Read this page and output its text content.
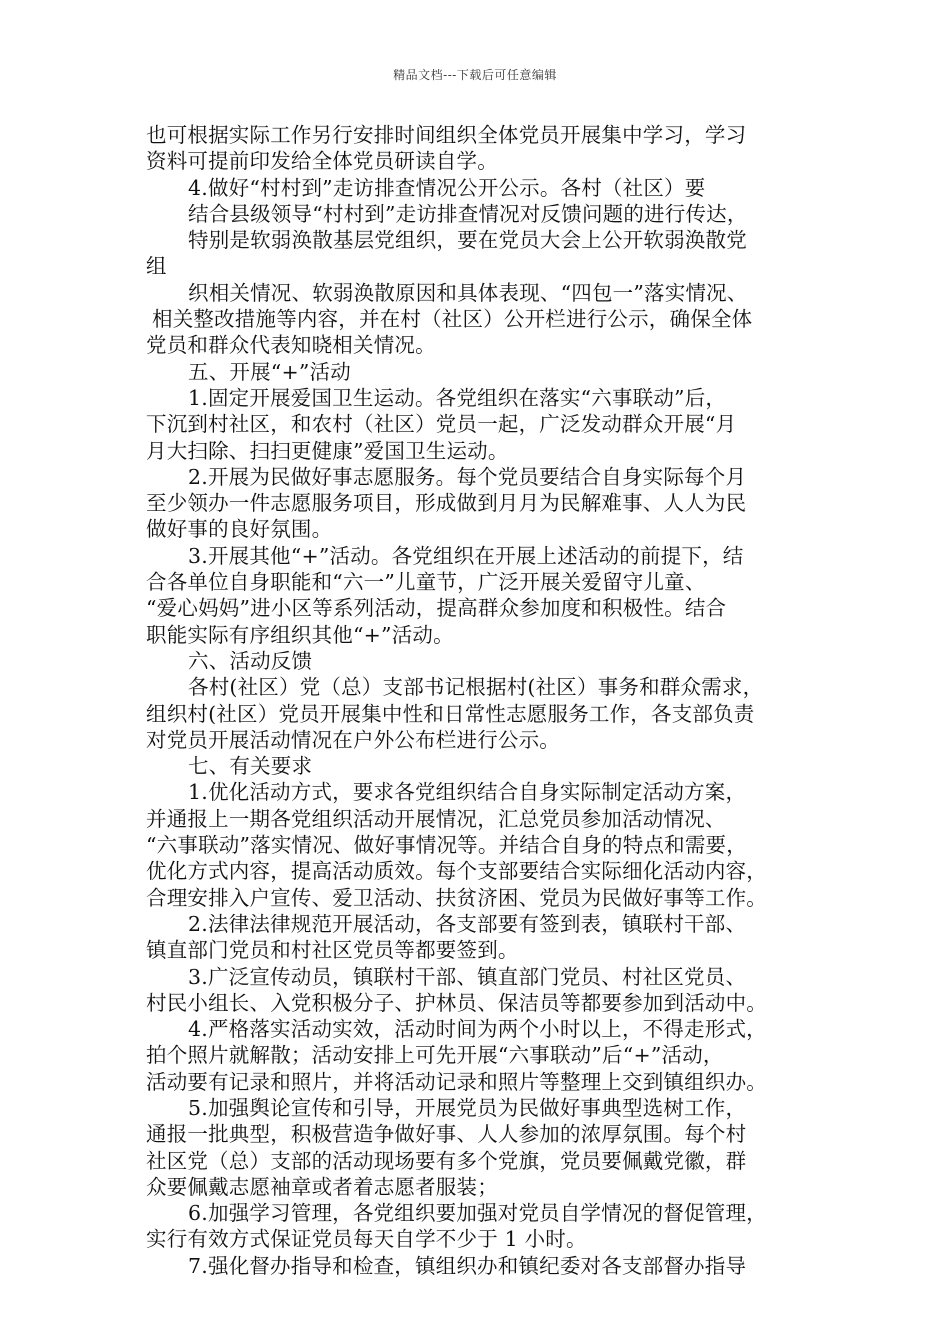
精品文档---下载后可任意编辑
也可根据实际工作另行安排时间组织全体党员开展集中学习，学习
资料可提前印发给全体党员研读自学。
4.做好“村村到”走访排查情况公开公示。各村（社区）要
结合县级领导“村村到”走访排查情况对反馈问题的进行传达，
特别是软弱涣散基层党组织，要在党员大会上公开软弱涣散党
组
织相关情况、软弱涣散原因和具体表现、“四包一”落实情况、
相关整改措施等内容，并在村（社区）公开栏进行公示，确保全体
党员和群众代表知晓相关情况。
五、开展“+”活动
1.固定开展爱国卫生运动。各党组织在落实“六事联动”后，
下沉到村社区，和农村（社区）党员一起，广泛发动群众开展“月
月大扫除、扫扫更健康”爱国卫生运动。
2.开展为民做好事志愿服务。每个党员要结合自身实际每个月
至少领办一件志愿服务项目，形成做到月月为民解难事、人人为民
做好事的良好氛围。
3.开展其他“+”活动。各党组织在开展上述活动的前提下，结
合各单位自身职能和“六一”儿童节，广泛开展关爱留守儿童、
“爱心妈妈”进小区等系列活动，提高群众参加度和积极性。结合
职能实际有序组织其他“+”活动。
六、活动反馈
各村(社区）党（总）支部书记根据村(社区）事务和群众需求，
组织村(社区）党员开展集中性和日常性志愿服务工作，各支部负责
对党员开展活动情况在户外公布栏进行公示。
七、有关要求
1.优化活动方式，要求各党组织结合自身实际制定活动方案，
并通报上一期各党组织活动开展情况，汇总党员参加活动情况、
“六事联动”落实情况、做好事情况等。并结合自身的特点和需要，
优化方式内容，提高活动质效。每个支部要结合实际细化活动内容，
合理安排入户宣传、爱卫活动、扶贫济困、党员为民做好事等工作。
2.法律法律规范开展活动，各支部要有签到表，镇联村干部、
镇直部门党员和村社区党员等都要签到。
3.广泛宣传动员，镇联村干部、镇直部门党员、村社区党员、
村民小组长、入党积极分子、护林员、保洁员等都要参加到活动中。
4.严格落实活动实效，活动时间为两个小时以上，不得走形式，
拍个照片就解散；活动安排上可先开展“六事联动”后“+”活动，
活动要有记录和照片，并将活动记录和照片等整理上交到镇组织办。
5.加强舆论宣传和引导，开展党员为民做好事典型选树工作，
通报一批典型，积极营造争做好事、人人参加的浓厚氛围。每个村
社区党（总）支部的活动现场要有多个党旗，党员要佩戴党徽，群
众要佩戴志愿袖章或者着志愿者服装；
6.加强学习管理，各党组织要加强对党员自学情况的督促管理，
实行有效方式保证党员每天自学不少于 1 小时。
7.强化督办指导和检查，镇组织办和镇纪委对各支部督办指导
